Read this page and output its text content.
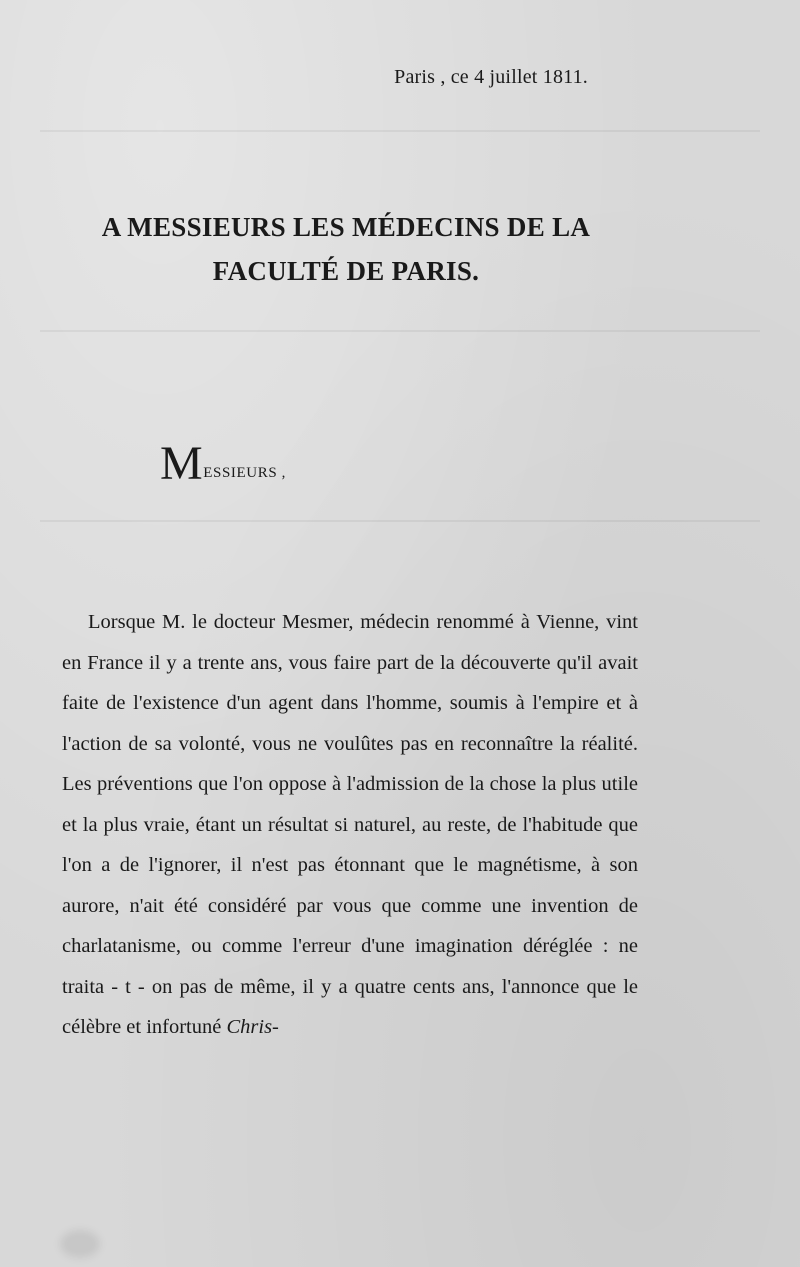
Paris , ce 4 juillet 1811.
A MESSIEURS LES MÉDECINS DE LA
FACULTÉ DE PARIS.
MESSIEURS ,

Lorsque M. le docteur Mesmer, médecin renommé à Vienne, vint en France il y a trente ans, vous faire part de la découverte qu'il avait faite de l'existence d'un agent dans l'homme, soumis à l'empire et à l'action de sa volonté, vous ne voulûtes pas en reconnaître la réalité. Les préventions que l'on oppose à l'admission de la chose la plus utile et la plus vraie, étant un résultat si naturel, au reste, de l'habitude que l'on a de l'ignorer, il n'est pas étonnant que le magnétisme, à son aurore, n'ait été considéré par vous que comme une invention de charlatanisme, ou comme l'erreur d'une imagination déréglée : ne traita - t - on pas de même, il y a quatre cents ans, l'annonce que le célèbre et infortuné Chris-
